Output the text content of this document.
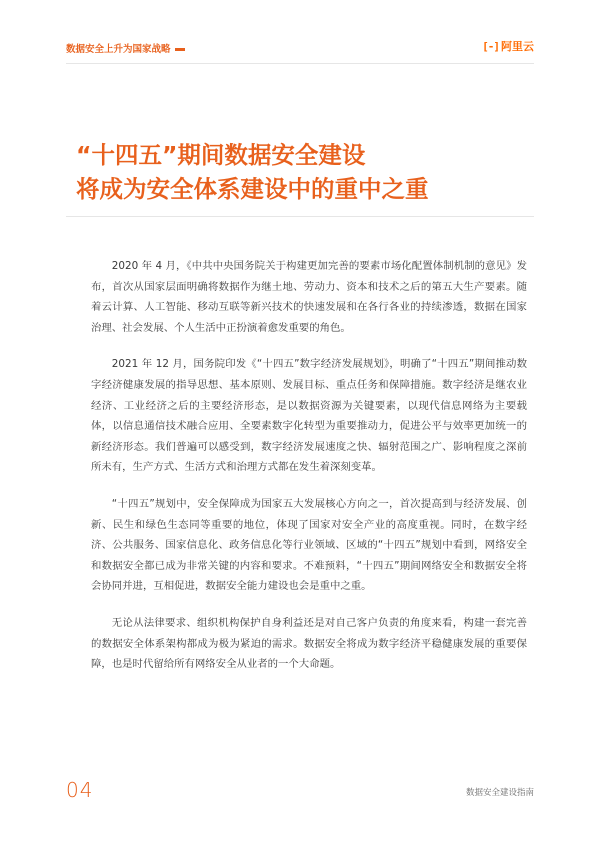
数据安全上升为国家战略	[-] 阿里云
“十四五”期间数据安全建设
将成为安全体系建设中的重中之重

2020 年 4 月，《中共中央国务院关于构建更加完善的要素市场化配置体制机制的意见》发布，首次从国家层面明确将数据作为继土地、劳动力、资本和技术之后的第五大生产要素。随着云计算、人工智能、移动互联等新兴技术的快速发展和在各行各业的持续渗透，数据在国家治理、社会发展、个人生活中正扮演着愈发重要的角色。

2021 年 12 月，国务院印发《“十四五”数字经济发展规划》，明确了“十四五”期间推动数字经济健康发展的指导思想、基本原则、发展目标、重点任务和保障措施。数字经济是继农业经济、工业经济之后的主要经济形态，是以数据资源为关键要素，以现代信息网络为主要载体，以信息通信技术融合应用、全要素数字化转型为重要推动力，促进公平与效率更加统一的新经济形态。我们普遍可以感受到，数字经济发展速度之快、辐射范围之广、影响程度之深前所未有，生产方式、生活方式和治理方式都在发生着深刻变革。

“十四五”规划中，安全保障成为国家五大发展核心方向之一，首次提高到与经济发展、创新、民生和绿色生态同等重要的地位，体现了国家对安全产业的高度重视。同时，在数字经济、公共服务、国家信息化、政务信息化等行业领域、区域的“十四五”规划中看到，网络安全和数据安全都已成为非常关键的内容和要求。不难预料，“十四五”期间网络安全和数据安全将会协同并进，互相促进，数据安全能力建设也会是重中之重。

无论从法律要求、组织机构保护自身利益还是对自己客户负责的角度来看，构建一套完善的数据安全体系架构都成为极为紧迫的需求。数据安全将成为数字经济平稳健康发展的重要保障，也是时代留给所有网络安全从业者的一个大命题。

04	数据安全建设指南
